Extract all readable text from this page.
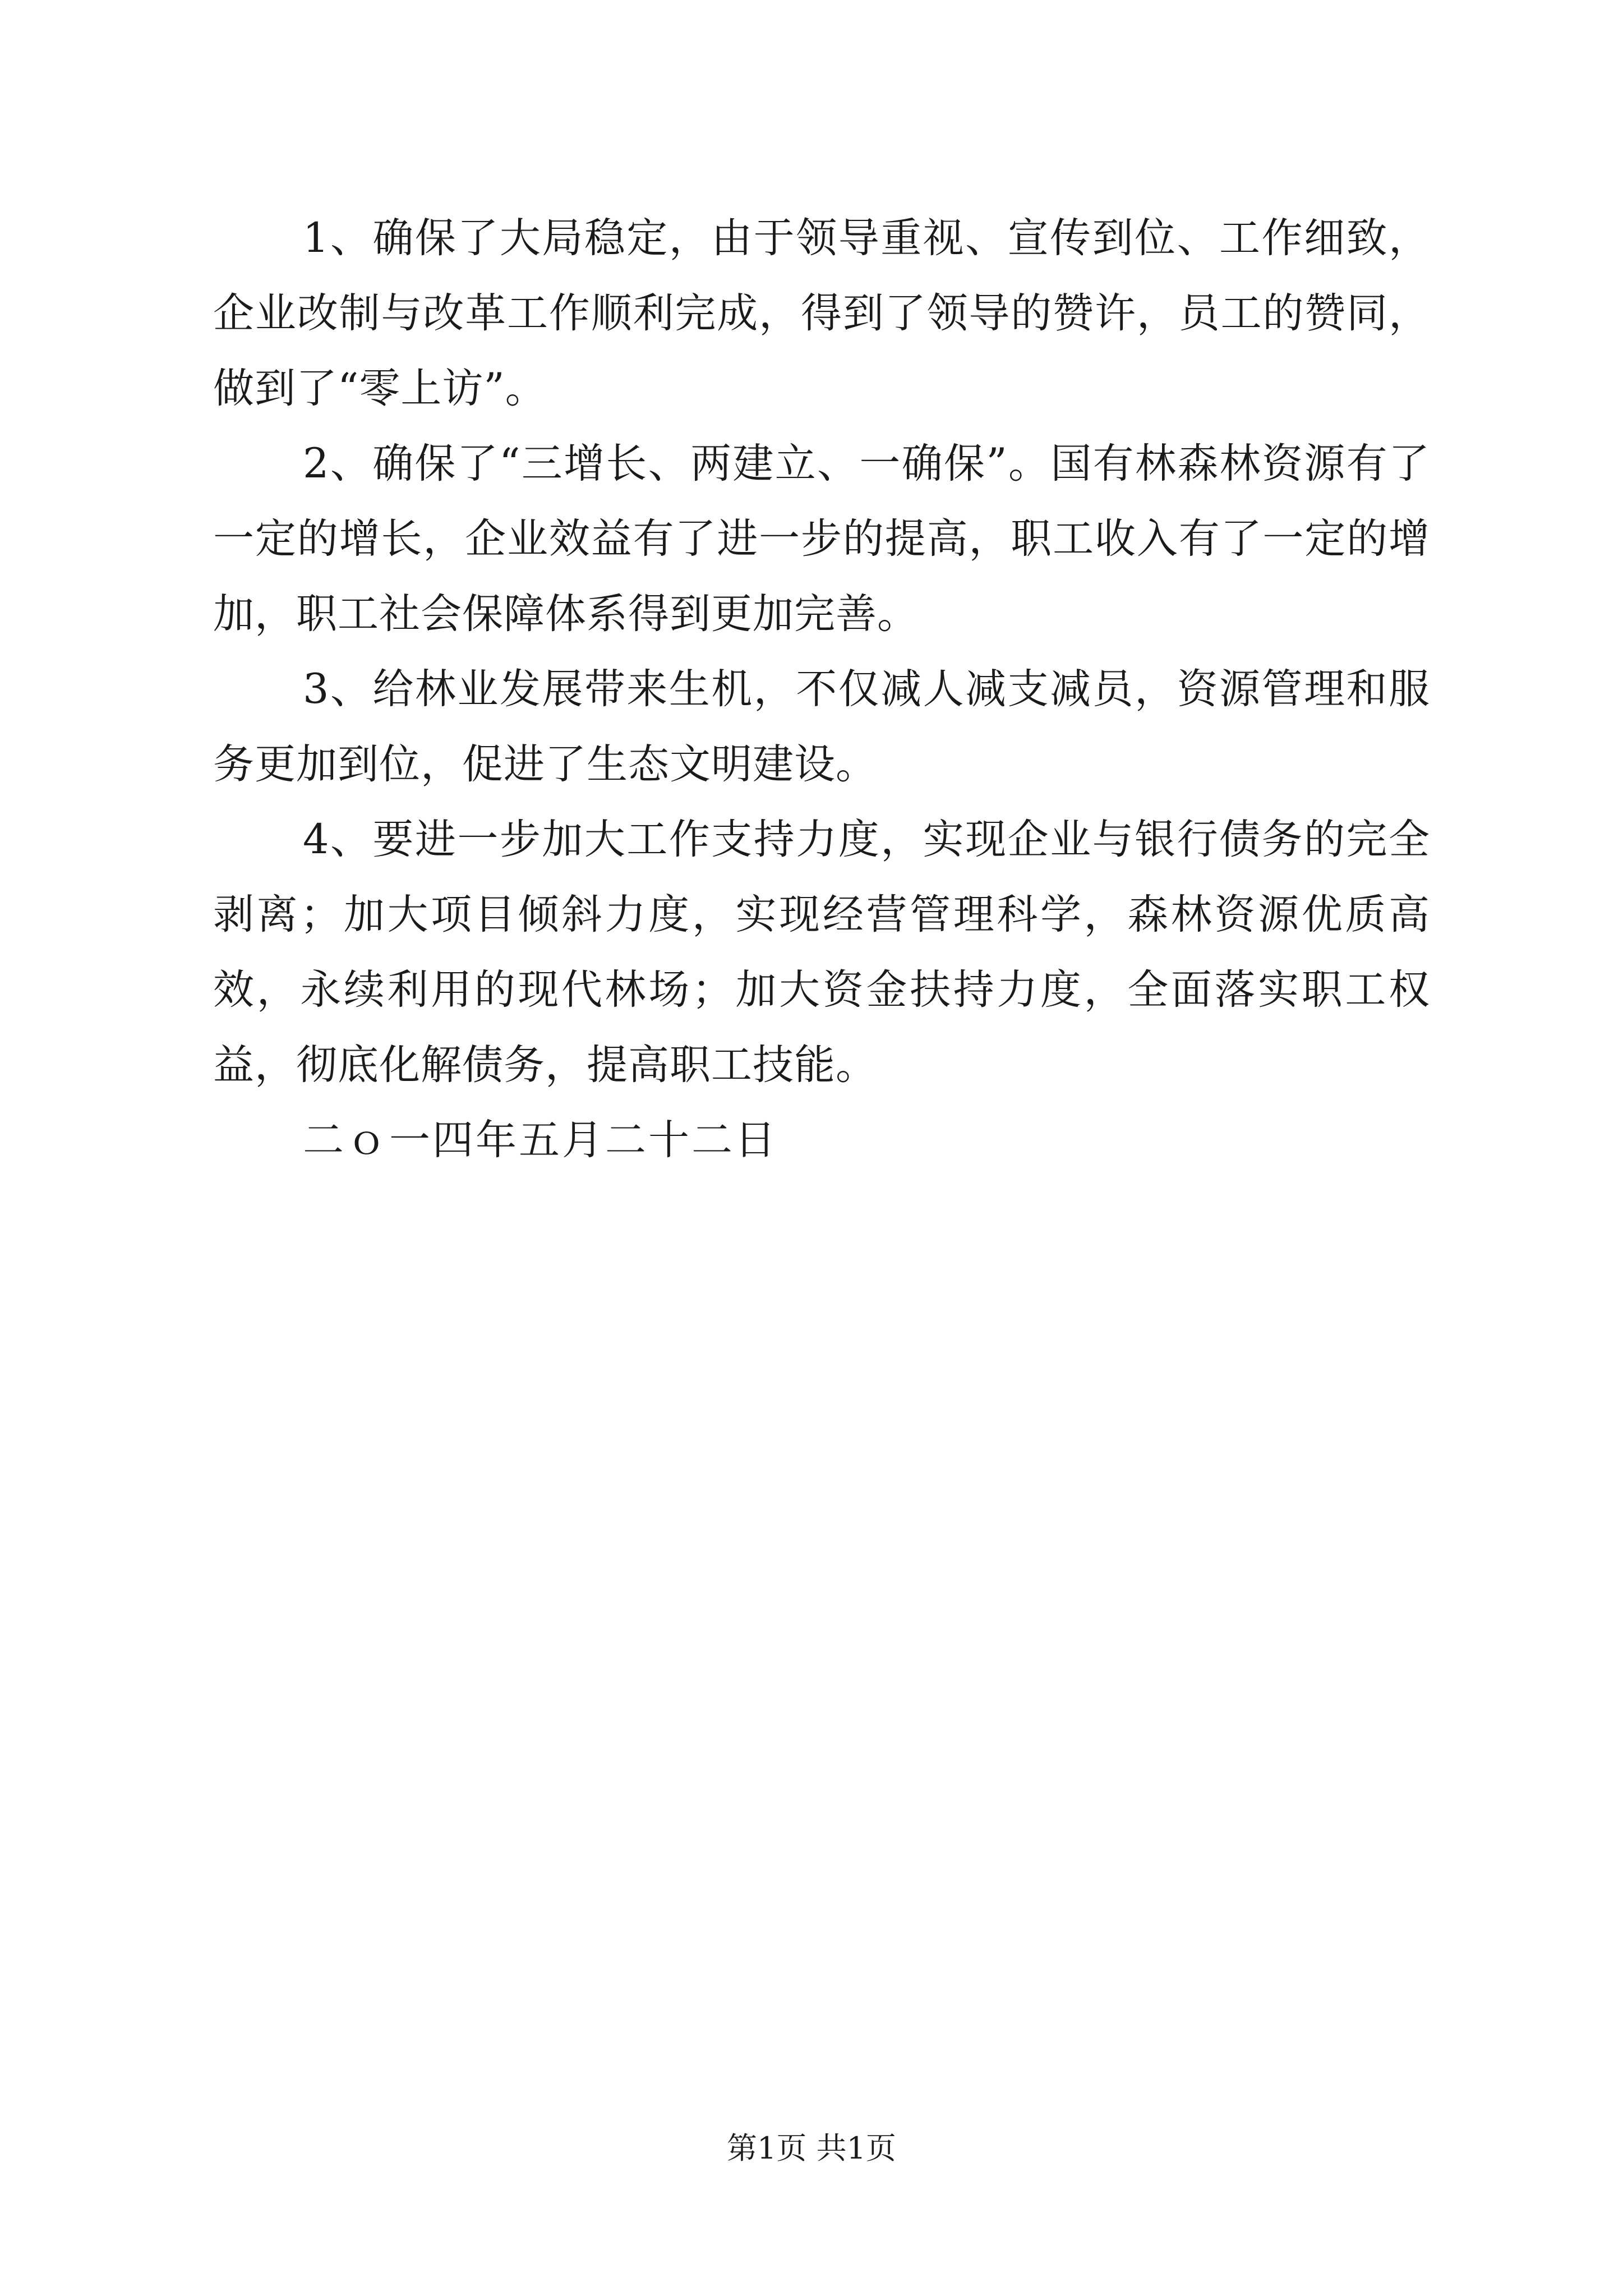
1、确保了大局稳定，由于领导重视、宣传到位、工作细致，企业改制与改革工作顺利完成，得到了领导的赞许，员工的赞同，做到了“零上访”。

2、确保了“三增长、两建立、一确保”。国有林森林资源有了一定的增长，企业效益有了进一步的提高，职工收入有了一定的增加，职工社会保障体系得到更加完善。

3、给林业发展带来生机，不仅减人减支减员，资源管理和服务更加到位，促进了生态文明建设。

4、要进一步加大工作支持力度，实现企业与银行债务的完全剥离；加大项目倾斜力度，实现经营管理科学，森林资源优质高效，永续利用的现代林场；加大资金扶持力度，全面落实职工权益，彻底化解债务，提高职工技能。

二ｏ一四年五月二十二日

第1页 共1页
